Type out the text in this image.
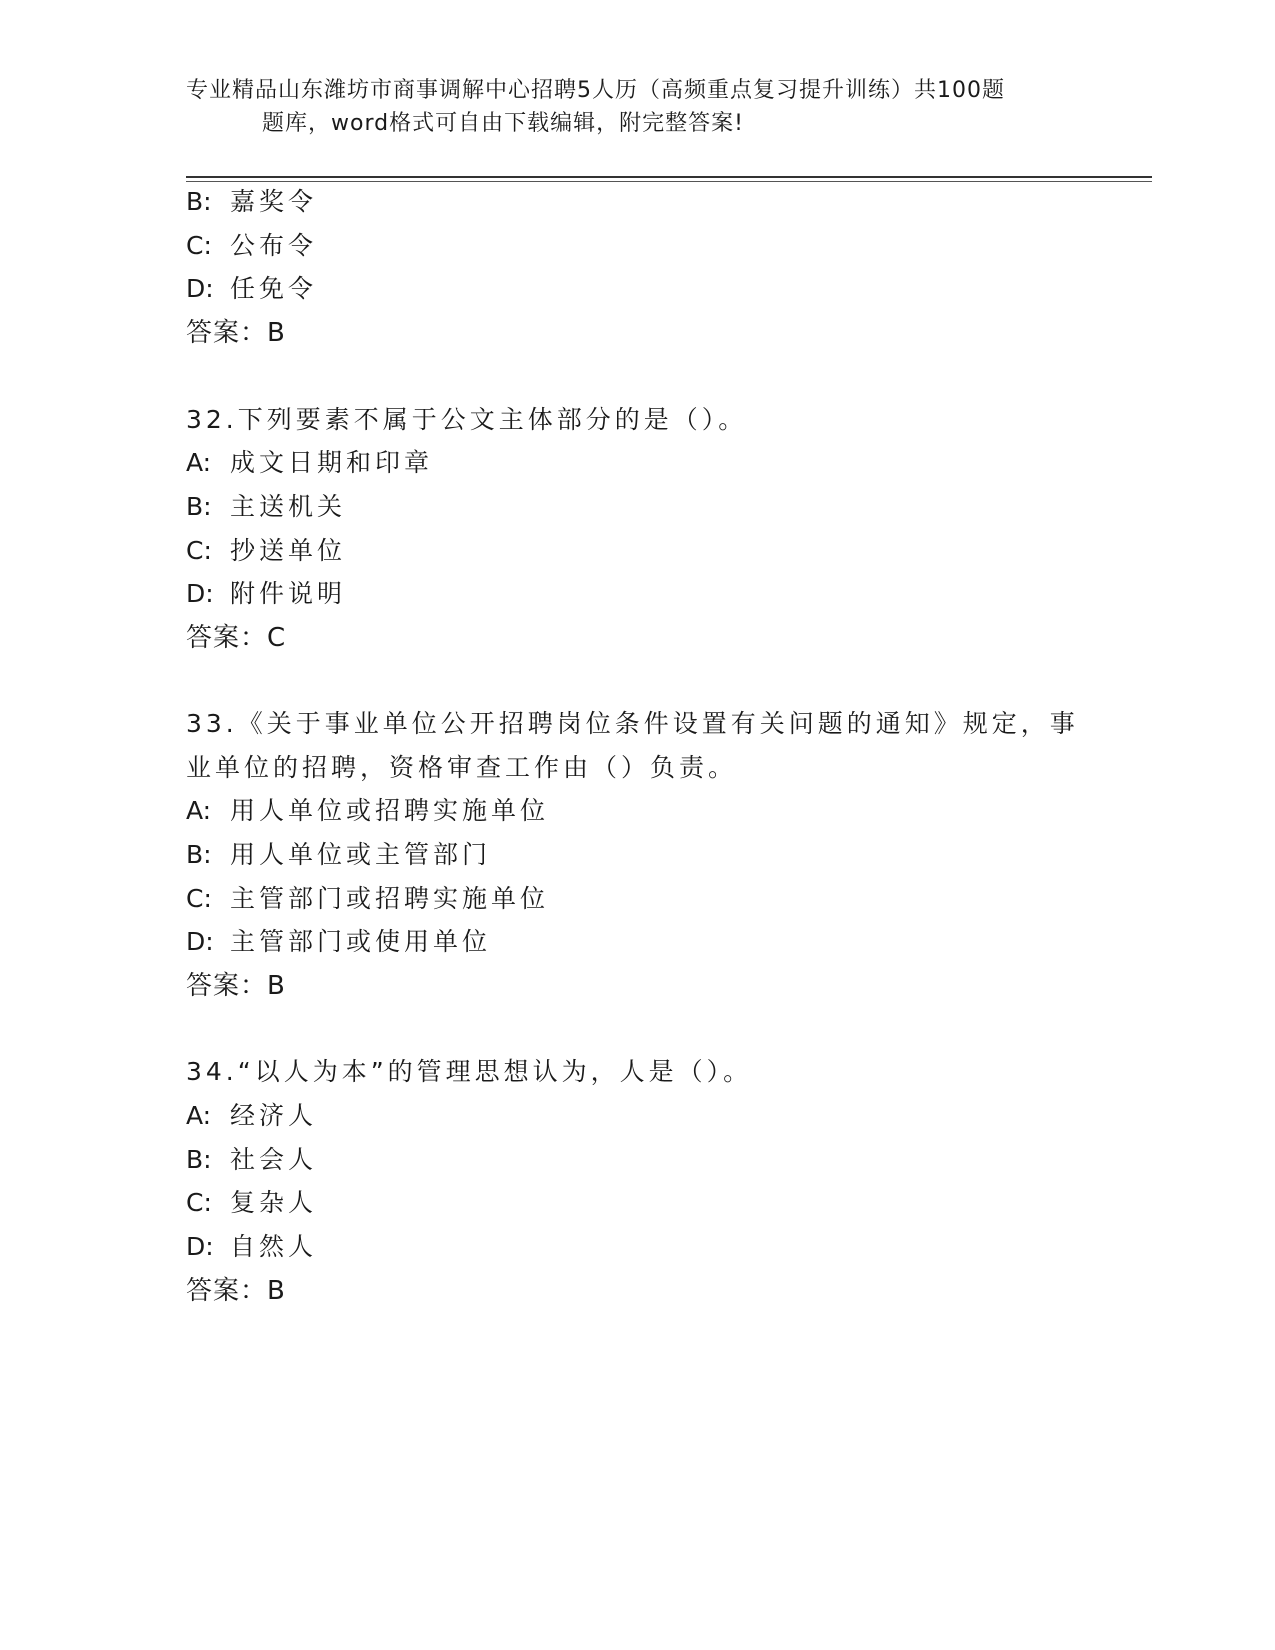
专业精品山东潍坊市商事调解中心招聘5人历（高频重点复习提升训练）共100题
题库，word格式可自由下载编辑，附完整答案!
B: 嘉奖令
C: 公布令
D: 任免令
答案：B
32.下列要素不属于公文主体部分的是（）。
A: 成文日期和印章
B: 主送机关
C: 抄送单位
D: 附件说明
答案：C
33.《关于事业单位公开招聘岗位条件设置有关问题的通知》规定，事
业单位的招聘，资格审查工作由（）负责。
A: 用人单位或招聘实施单位
B: 用人单位或主管部门
C: 主管部门或招聘实施单位
D: 主管部门或使用单位
答案：B
34.“以人为本”的管理思想认为，人是（）。
A: 经济人
B: 社会人
C: 复杂人
D: 自然人
答案：B
